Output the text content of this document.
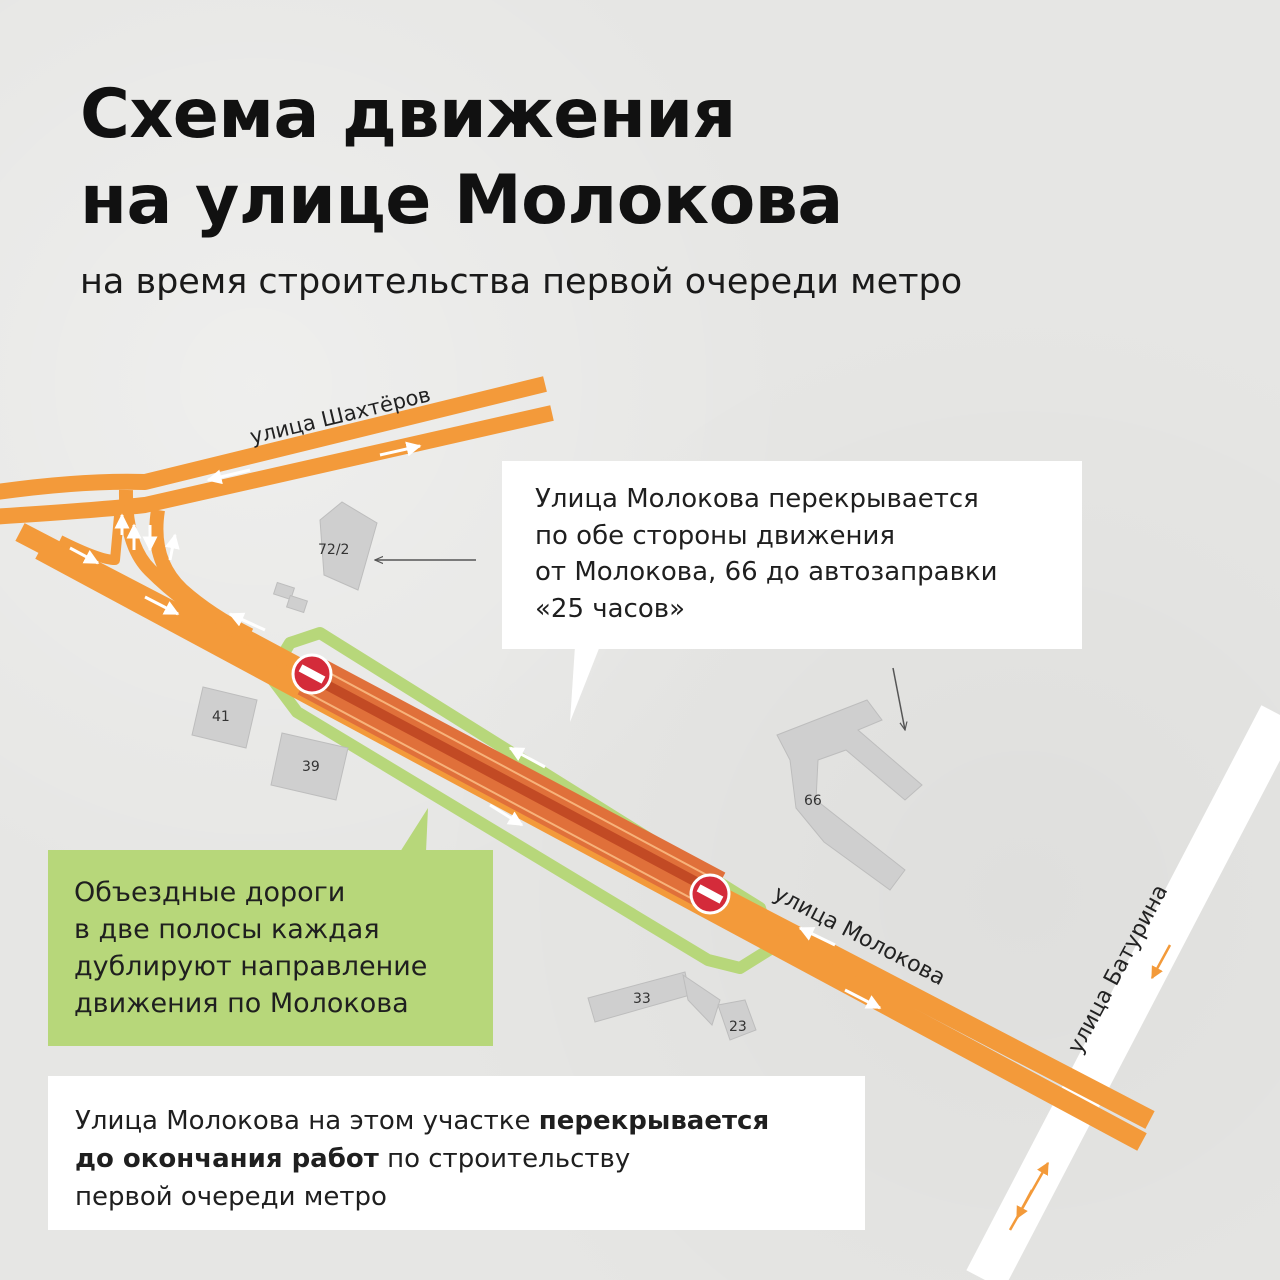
улица Шахтёров
улица Молокова	улица Батурина
72/2
41
39
66
33
23
Схема движения
на улице Молокова
на время строительства первой очереди метро
Улица Молокова перекрывается
по обе стороны движения
от Молокова, 66 до автозаправки
«25 часов»
Объездные дороги
в две полосы каждая
дублируют направление
движения по Молокова
Улица Молокова на этом участке перекрывается
до окончания работ по строительству
первой очереди метро
